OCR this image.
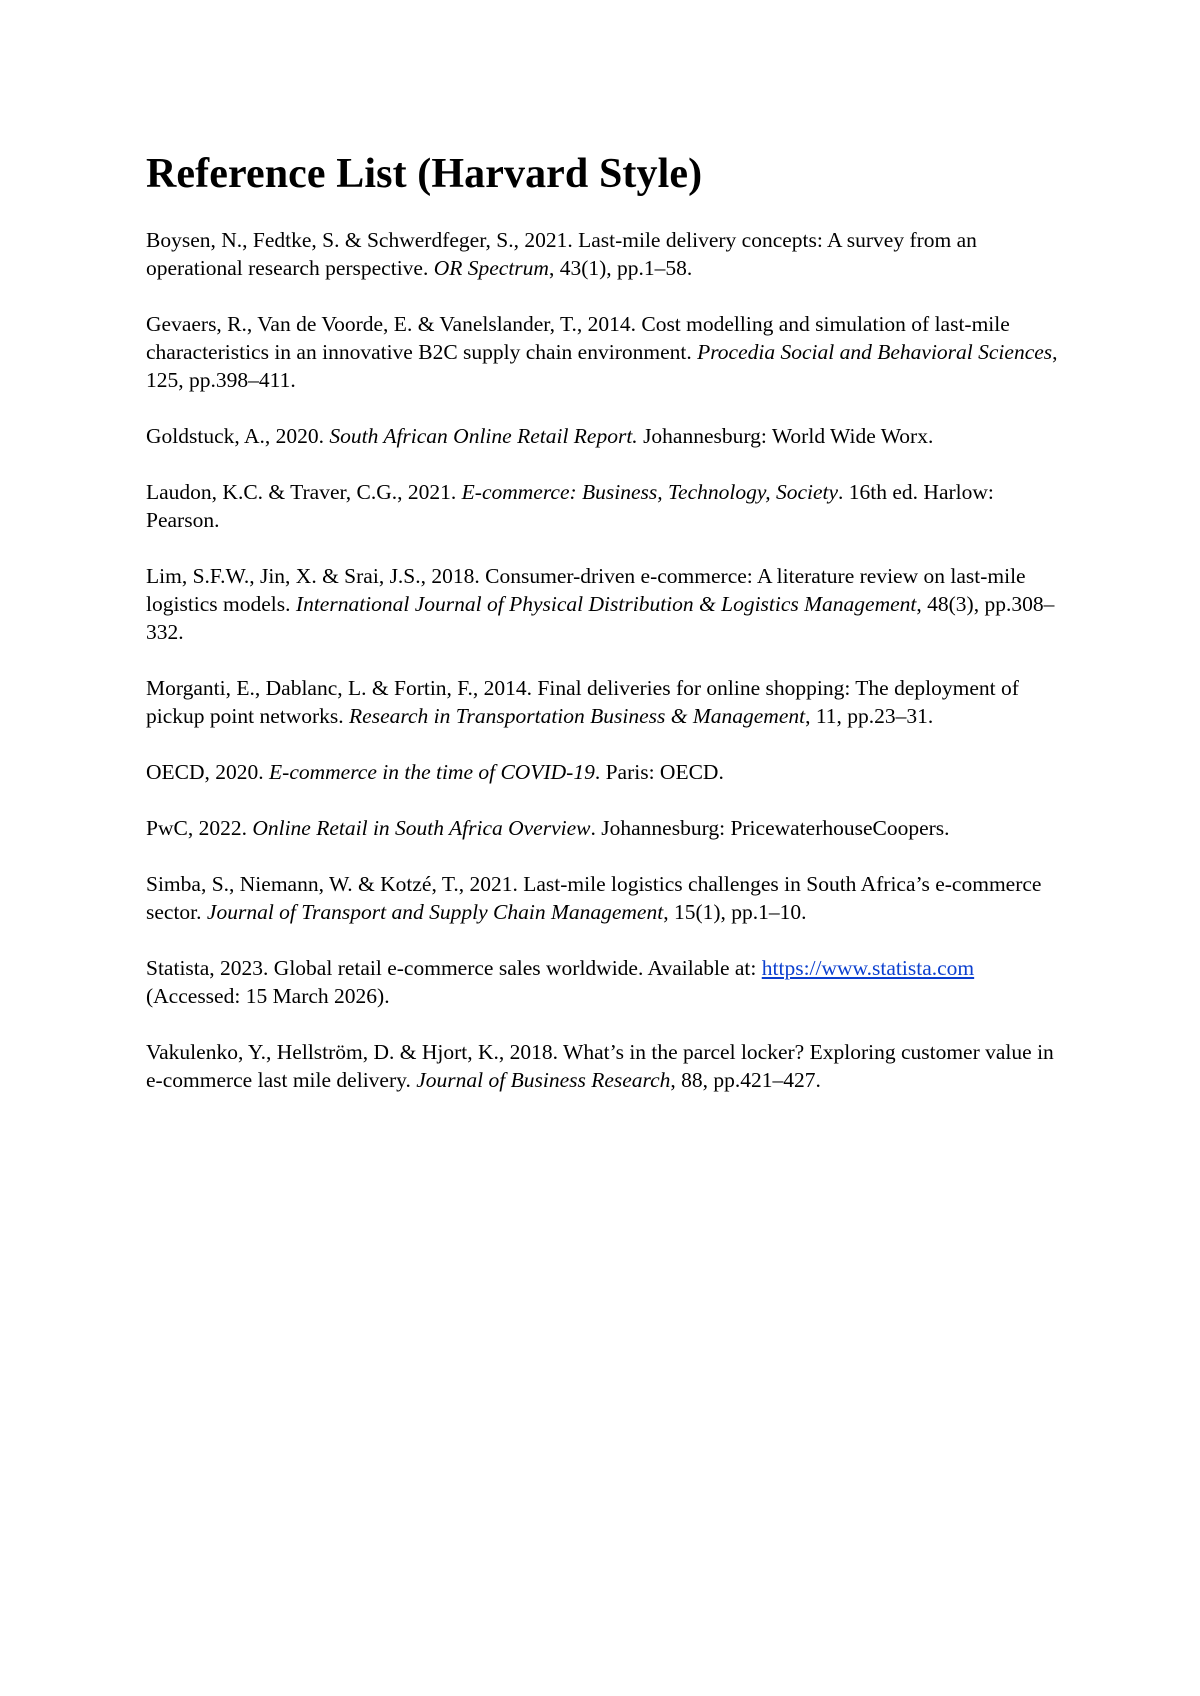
Reference List (Harvard Style)

Boysen, N., Fedtke, S. & Schwerdfeger, S., 2021. Last-mile delivery concepts: A survey from an operational research perspective. OR Spectrum, 43(1), pp.1–58.

Gevaers, R., Van de Voorde, E. & Vanelslander, T., 2014. Cost modelling and simulation of last-mile characteristics in an innovative B2C supply chain environment. Procedia Social and Behavioral Sciences, 125, pp.398–411.

Goldstuck, A., 2020. South African Online Retail Report. Johannesburg: World Wide Worx.

Laudon, K.C. & Traver, C.G., 2021. E-commerce: Business, Technology, Society. 16th ed. Harlow: Pearson.

Lim, S.F.W., Jin, X. & Srai, J.S., 2018. Consumer-driven e-commerce: A literature review on last-mile logistics models. International Journal of Physical Distribution & Logistics Management, 48(3), pp.308–332.

Morganti, E., Dablanc, L. & Fortin, F., 2014. Final deliveries for online shopping: The deployment of pickup point networks. Research in Transportation Business & Management, 11, pp.23–31.

OECD, 2020. E-commerce in the time of COVID-19. Paris: OECD.

PwC, 2022. Online Retail in South Africa Overview. Johannesburg: PricewaterhouseCoopers.

Simba, S., Niemann, W. & Kotzé, T., 2021. Last-mile logistics challenges in South Africa’s e-commerce sector. Journal of Transport and Supply Chain Management, 15(1), pp.1–10.

Statista, 2023. Global retail e-commerce sales worldwide. Available at: https://www.statista.com (Accessed: 15 March 2026).

Vakulenko, Y., Hellström, D. & Hjort, K., 2018. What’s in the parcel locker? Exploring customer value in e-commerce last mile delivery. Journal of Business Research, 88, pp.421–427.
